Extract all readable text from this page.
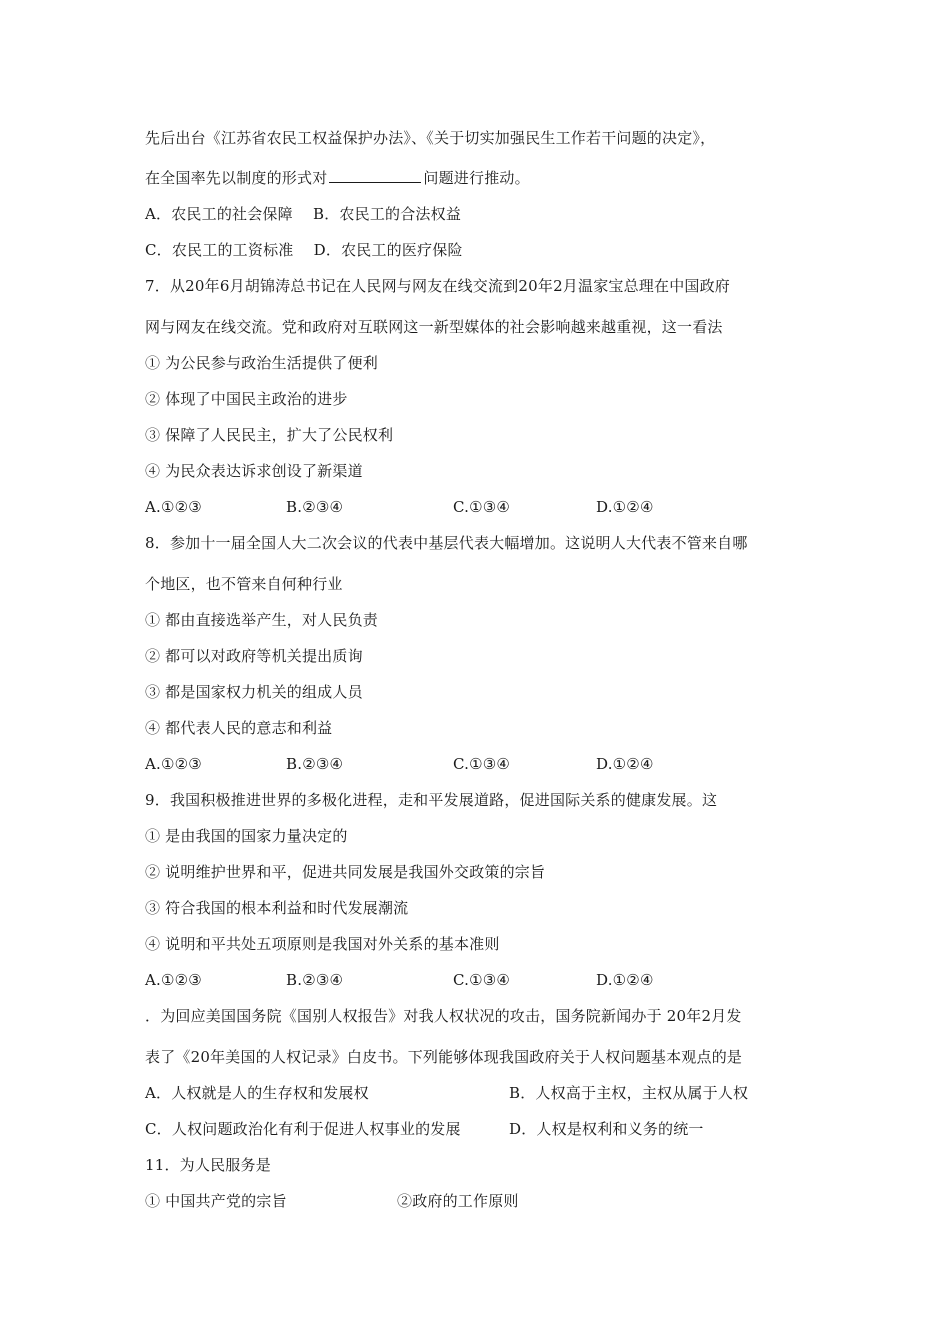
先后出台《江苏省农民工权益保护办法》、《关于切实加强民生工作若干问题的决定》，
在全国率先以制度的形式对	问题进行推动。
A．农民工的社会保障　 B．农民工的合法权益
C．农民工的工资标准　 D．农民工的医疗保险
7．从20年6月胡锦涛总书记在人民网与网友在线交流到20年2月温家宝总理在中国政府
网与网友在线交流。党和政府对互联网这一新型媒体的社会影响越来越重视，这一看法
① 为公民参与政治生活提供了便利
② 体现了中国民主政治的进步
③ 保障了人民民主，扩大了公民权利
④ 为民众表达诉求创设了新渠道
A.①②③	B.②③④	C.①③④	D.①②④
8．参加十一届全国人大二次会议的代表中基层代表大幅增加。这说明人大代表不管来自哪
个地区，也不管来自何种行业
① 都由直接选举产生，对人民负责
② 都可以对政府等机关提出质询
③ 都是国家权力机关的组成人员
④ 都代表人民的意志和利益
A.①②③	B.②③④	C.①③④	D.①②④
9．我国积极推进世界的多极化进程，走和平发展道路，促进国际关系的健康发展。这
① 是由我国的国家力量决定的
② 说明维护世界和平，促进共同发展是我国外交政策的宗旨
③ 符合我国的根本利益和时代发展潮流
④ 说明和平共处五项原则是我国对外关系的基本准则
A.①②③	B.②③④	C.①③④	D.①②④
．为回应美国国务院《国别人权报告》对我人权状况的攻击，国务院新闻办于 20年2月发
表了《20年美国的人权记录》白皮书。下列能够体现我国政府关于人权问题基本观点的是
A．人权就是人的生存权和发展权	B．人权高于主权，主权从属于人权
C．人权问题政治化有利于促进人权事业的发展	D．人权是权利和义务的统一
11．为人民服务是
① 中国共产党的宗旨	②政府的工作原则
